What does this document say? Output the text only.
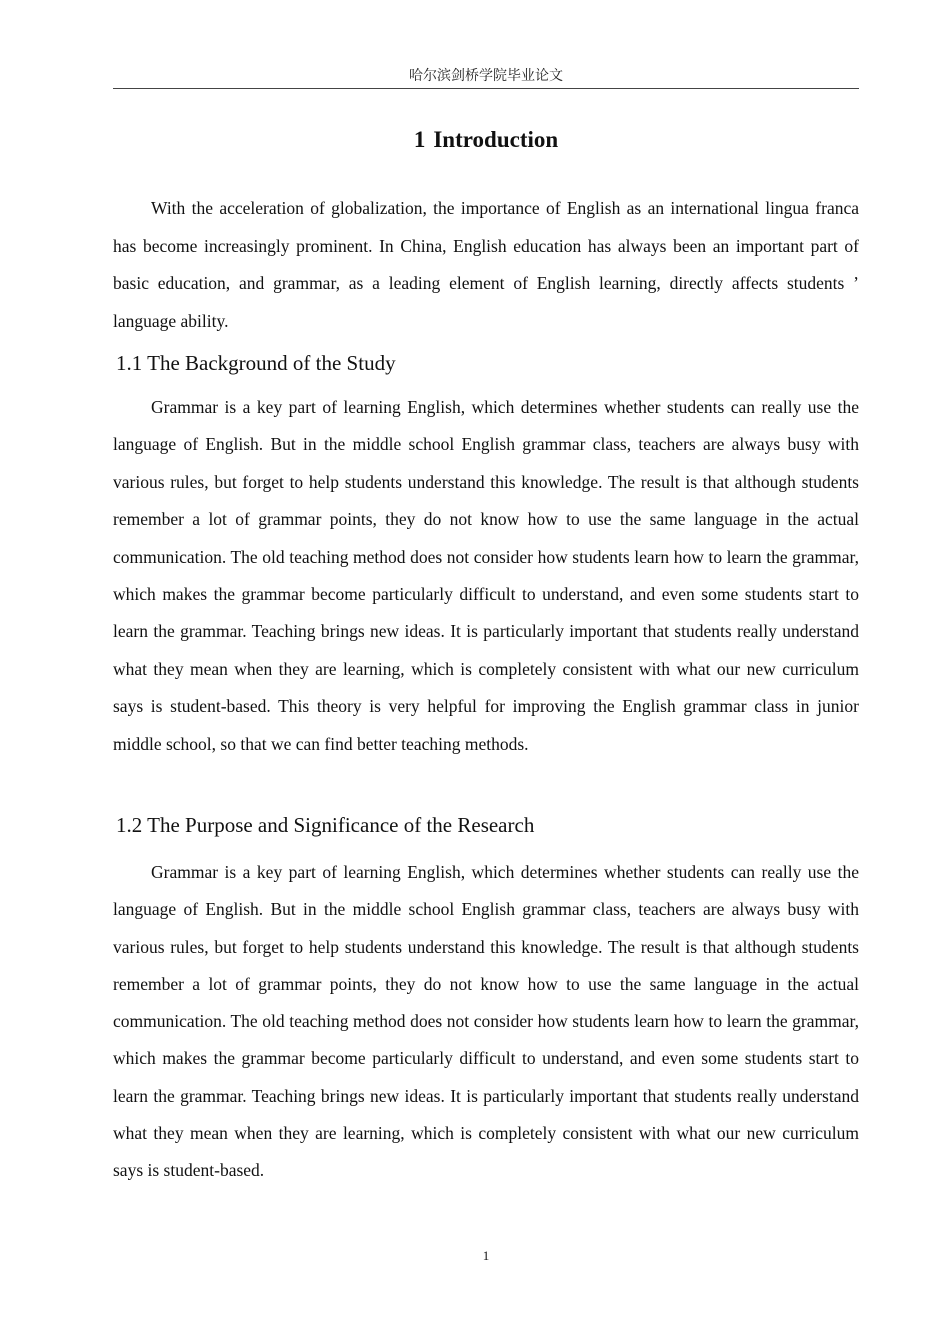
哈尔滨剑桥学院毕业论文
1 Introduction

With the acceleration of globalization, the importance of English as an international lingua franca has become increasingly prominent. In China, English education has always been an important part of basic education, and grammar, as a leading element of English learning, directly affects students ’ language ability.

1.1 The Background of the Study

Grammar is a key part of learning English, which determines whether students can really use the language of English. But in the middle school English grammar class, teachers are always busy with various rules, but forget to help students understand this knowledge. The result is that although students remember a lot of grammar points, they do not know how to use the same language in the actual communication. The old teaching method does not consider how students learn how to learn the grammar, which makes the grammar become particularly difficult to understand, and even some students start to learn the grammar. Teaching brings new ideas. It is particularly important that students really understand what they mean when they are learning, which is completely consistent with what our new curriculum says is student-based. This theory is very helpful for improving the English grammar class in junior middle school, so that we can find better teaching methods.

1.2 The Purpose and Significance of the Research

Grammar is a key part of learning English, which determines whether students can really use the language of English. But in the middle school English grammar class, teachers are always busy with various rules, but forget to help students understand this knowledge. The result is that although students remember a lot of grammar points, they do not know how to use the same language in the actual communication. The old teaching method does not consider how students learn how to learn the grammar, which makes the grammar become particularly difficult to understand, and even some students start to learn the grammar. Teaching brings new ideas. It is particularly important that students really understand what they mean when they are learning, which is completely consistent with what our new curriculum says is student-based.

1
